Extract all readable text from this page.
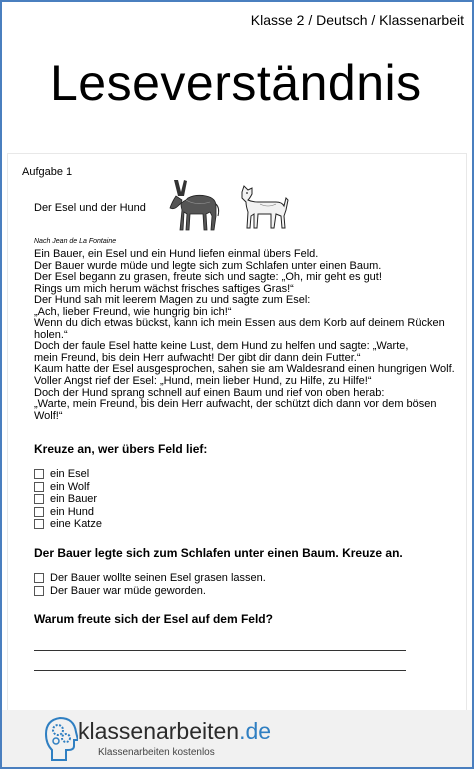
Klasse 2 / Deutsch / Klassenarbeit
Leseverständnis
Aufgabe 1
Der Esel und der Hund
Nach Jean de La Fontaine
Ein Bauer, ein Esel und ein Hund liefen einmal übers Feld.
Der Bauer wurde müde und legte sich zum Schlafen unter einen Baum.
Der Esel begann zu grasen, freute sich und sagte: „Oh, mir geht es gut!
Rings um mich herum wächst frisches saftiges Gras!“
Der Hund sah mit leerem Magen zu und sagte zum Esel:
„Ach, lieber Freund, wie hungrig bin ich!“
Wenn du dich etwas bückst, kann ich mein Essen aus dem Korb auf deinem Rücken
holen.“
Doch der faule Esel hatte keine Lust, dem Hund zu helfen und sagte: „Warte,
mein Freund, bis dein Herr aufwacht! Der gibt dir dann dein Futter.“
Kaum hatte der Esel ausgesprochen, sahen sie am Waldesrand einen hungrigen Wolf.
Voller Angst rief der Esel: „Hund, mein lieber Hund, zu Hilfe, zu Hilfe!“
Doch der Hund sprang schnell auf einen Baum und rief von oben herab:
„Warte, mein Freund, bis dein Herr aufwacht, der schützt dich dann vor dem bösen
Wolf!“
Kreuze an, wer übers Feld lief:
ein Esel
ein Wolf
ein Bauer
ein Hund
eine Katze
Der Bauer legte sich zum Schlafen unter einen Baum. Kreuze an.
Der Bauer wollte seinen Esel grasen lassen.
Der Bauer war müde geworden.
Warum freute sich der Esel auf dem Feld?
klassenarbeiten.de
Klassenarbeiten kostenlos
